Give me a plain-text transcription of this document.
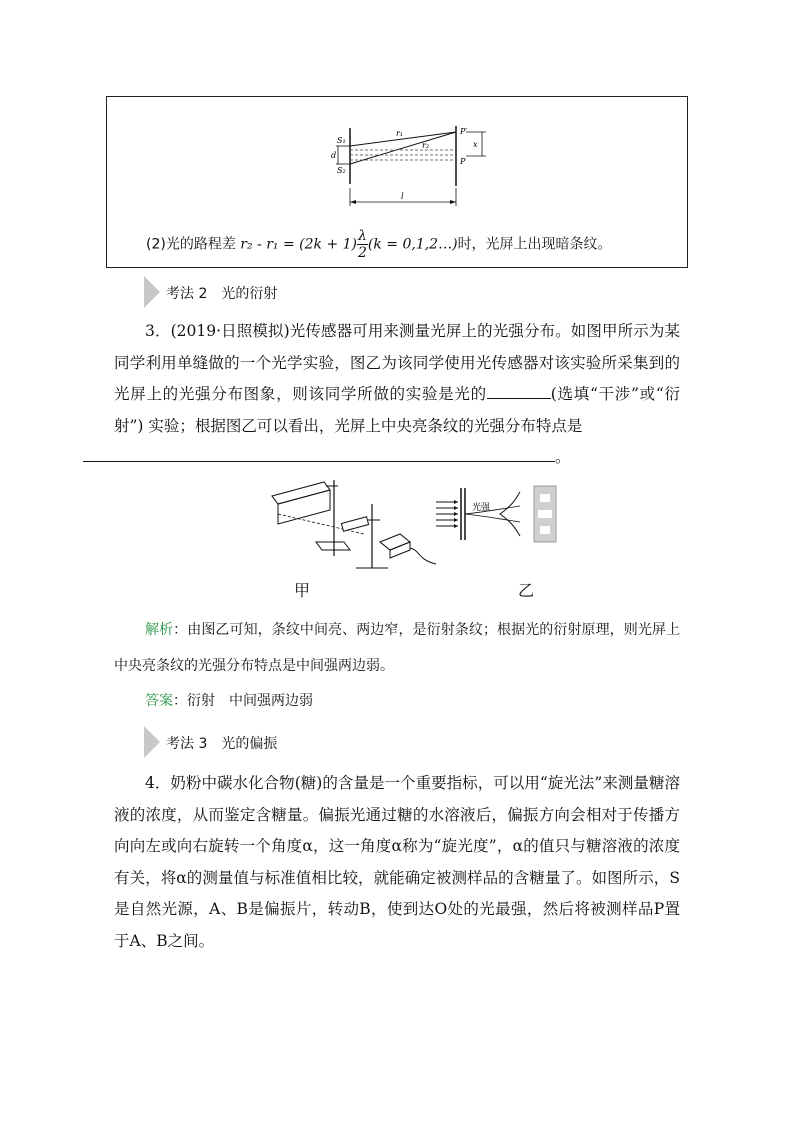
S₁
d
S₂
r₁
r₂
P′
P
x
l
(2)光的路程差 $r_2 - r_1 = (2k + 1) \frac{\lambda}{2} (k$ = 0,1,2…)时，光屏上出现暗条纹。
考法 2　光的衍射

3．(2019·日照模拟)光传感器可用来测量光屏上的光强分布。如图甲所示为某同学利用单缝做的一个光学实验，图乙为该同学使用光传感器对该实验所采集到的光屏上的光强分布图象，则该同学所做的实验是光的	(选填“干涉”或“衍射”) 实验；根据图乙可以看出，光屏上中央亮条纹的光强分布特点是
。

光强
甲	乙

解析：由图乙可知，条纹中间亮、两边窄，是衍射条纹；根据光的衍射原理，则光屏上中央亮条纹的光强分布特点是中间强两边弱。

答案：衍射　中间强两边弱
考法 3　光的偏振

4．奶粉中碳水化合物(糖)的含量是一个重要指标，可以用“旋光法”来测量糖溶液的浓度，从而鉴定含糖量。偏振光通过糖的水溶液后，偏振方向会相对于传播方向向左或向右旋转一个角度α，这一角度α称为“旋光度”，α的值只与糖溶液的浓度有关，将α的测量值与标准值相比较，就能确定被测样品的含糖量了。如图所示，S是自然光源，A、B是偏振片，转动B，使到达O处的光最强，然后将被测样品P置于A、B之间。
